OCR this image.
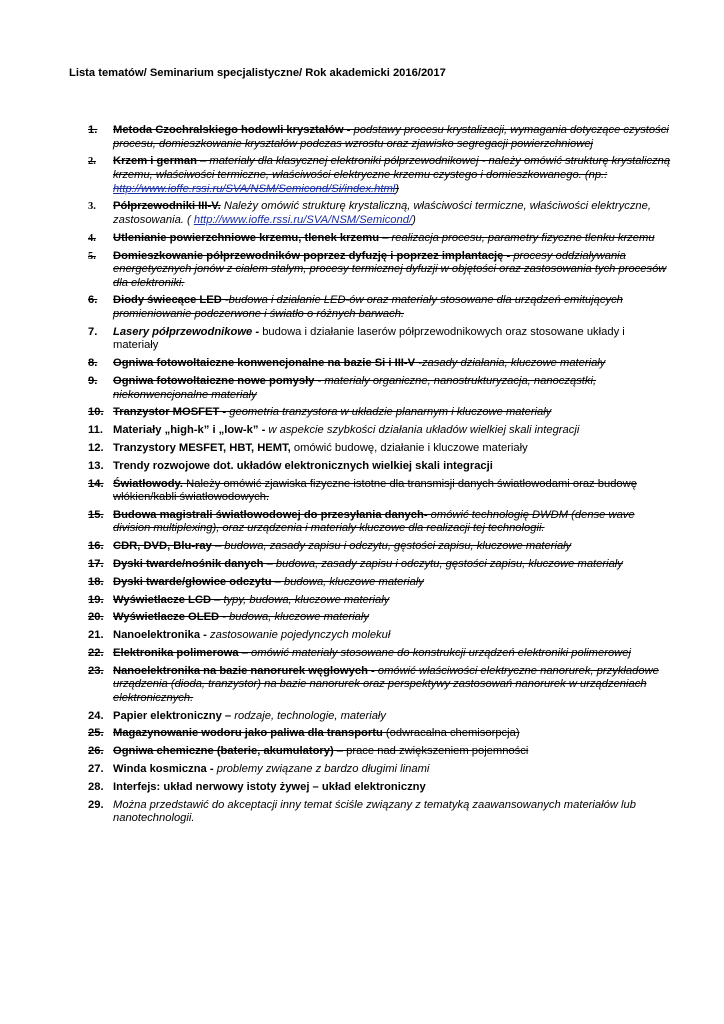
Lista tematów/ Seminarium specjalistyczne/ Rok akademicki 2016/2017
1.	Metoda Czochralskiego hodowli kryształów - podstawy procesu krystalizacji, wymagania dotyczące czystości procesu, domieszkowanie kryształów podczas wzrostu oraz zjawisko segregacji powierzchniowej
2.	Krzem i german – materiały dla klasycznej elektroniki półprzewodnikowej - należy omówić strukturę krystaliczną krzemu, właściwości termiczne, właściwości elektryczne krzemu czystego i domieszkowanego. (np.: http://www.ioffe.rssi.ru/SVA/NSM/Semicond/Si/index.html)
3.	Półprzewodniki III-V. Należy omówić strukturę krystaliczną, właściwości termiczne, właściwości elektryczne, zastosowania. ( http://www.ioffe.rssi.ru/SVA/NSM/Semicond/)
4.	Utlenianie powierzchniowe krzemu, tlenek krzemu – realizacja procesu, parametry fizyczne tlenku krzemu
5.	Domieszkowanie półprzewodników poprzez dyfuzję i poprzez implantację - procesy oddziaływania energetycznych jonów z ciałem stałym, procesy termicznej dyfuzji w objętości oraz zastosowania tych procesów dla elektroniki.
6.	Diody świecące LED -budowa i działanie LED-ów oraz materiały stosowane dla urządzeń emitujących promieniowanie podczerwone i światło o różnych barwach.
7.	Lasery półprzewodnikowe - budowa i działanie laserów półprzewodnikowych oraz stosowane układy i materiały
8.	Ogniwa fotowoltaiczne konwencjonalne na bazie Si i III-V -zasady działania, kluczowe materiały
9.	Ogniwa fotowoltaiczne nowe pomysły - materiały organiczne, nanostrukturyzacja, nanocząstki, niekonwencjonalne materiały
10. Tranzystor MOSFET - geometria tranzystora w układzie planarnym i kluczowe materiały
11. Materiały „high-k” i „low-k” - w aspekcie szybkości działania układów wielkiej skali integracji
12. Tranzystory MESFET, HBT, HEMT, omówić budowę, działanie i kluczowe materiały
13. Trendy rozwojowe dot. układów elektronicznych wielkiej skali integracji
14. Światłowody. Należy omówić zjawiska fizyczne istotne dla transmisji danych światłowodami oraz budowę włókien/kabli światłowodowych.
15. Budowa magistrali światłowodowej do przesyłania danych- omówić technologię DWDM (dense wave division multiplexing), oraz urządzenia i materiały kluczowe dla realizacji tej technologii.
16. CDR, DVD, Blu-ray – budowa, zasady zapisu i odczytu, gęstości zapisu, kluczowe materiały
17. Dyski twarde/nośnik danych – budowa, zasady zapisu i odczytu, gęstości zapisu, kluczowe materiały
18. Dyski twarde/głowice odczytu – budowa, kluczowe materiały
19. Wyświetlacze LCD – typy, budowa, kluczowe materiały
20. Wyświetlacze OLED - budowa, kluczowe materiały
21. Nanoelektronika - zastosowanie pojedynczych molekuł
22. Elektronika polimerowa – omówić materiały stosowane do konstrukcji urządzeń elektroniki polimerowej
23. Nanoelektronika na bazie nanorurek węglowych - omówić właściwości elektryczne nanorurek, przykładowe urządzenia (dioda, tranzystor) na bazie nanorurek oraz perspektywy zastosowań nanorurek w urządzeniach elektronicznych.
24. Papier elektroniczny – rodzaje, technologie, materiały
25. Magazynowanie wodoru jako paliwa dla transportu (odwracalna chemisorpcja)
26. Ogniwa chemiczne (baterie, akumulatory) – prace nad zwiększeniem pojemności
27. Winda kosmiczna - problemy związane z bardzo długimi linami
28. Interfejs: układ nerwowy istoty żywej – układ elektroniczny
29. Można przedstawić do akceptacji inny temat ściśle związany z tematyką zaawansowanych materiałów lub nanotechnologii.
